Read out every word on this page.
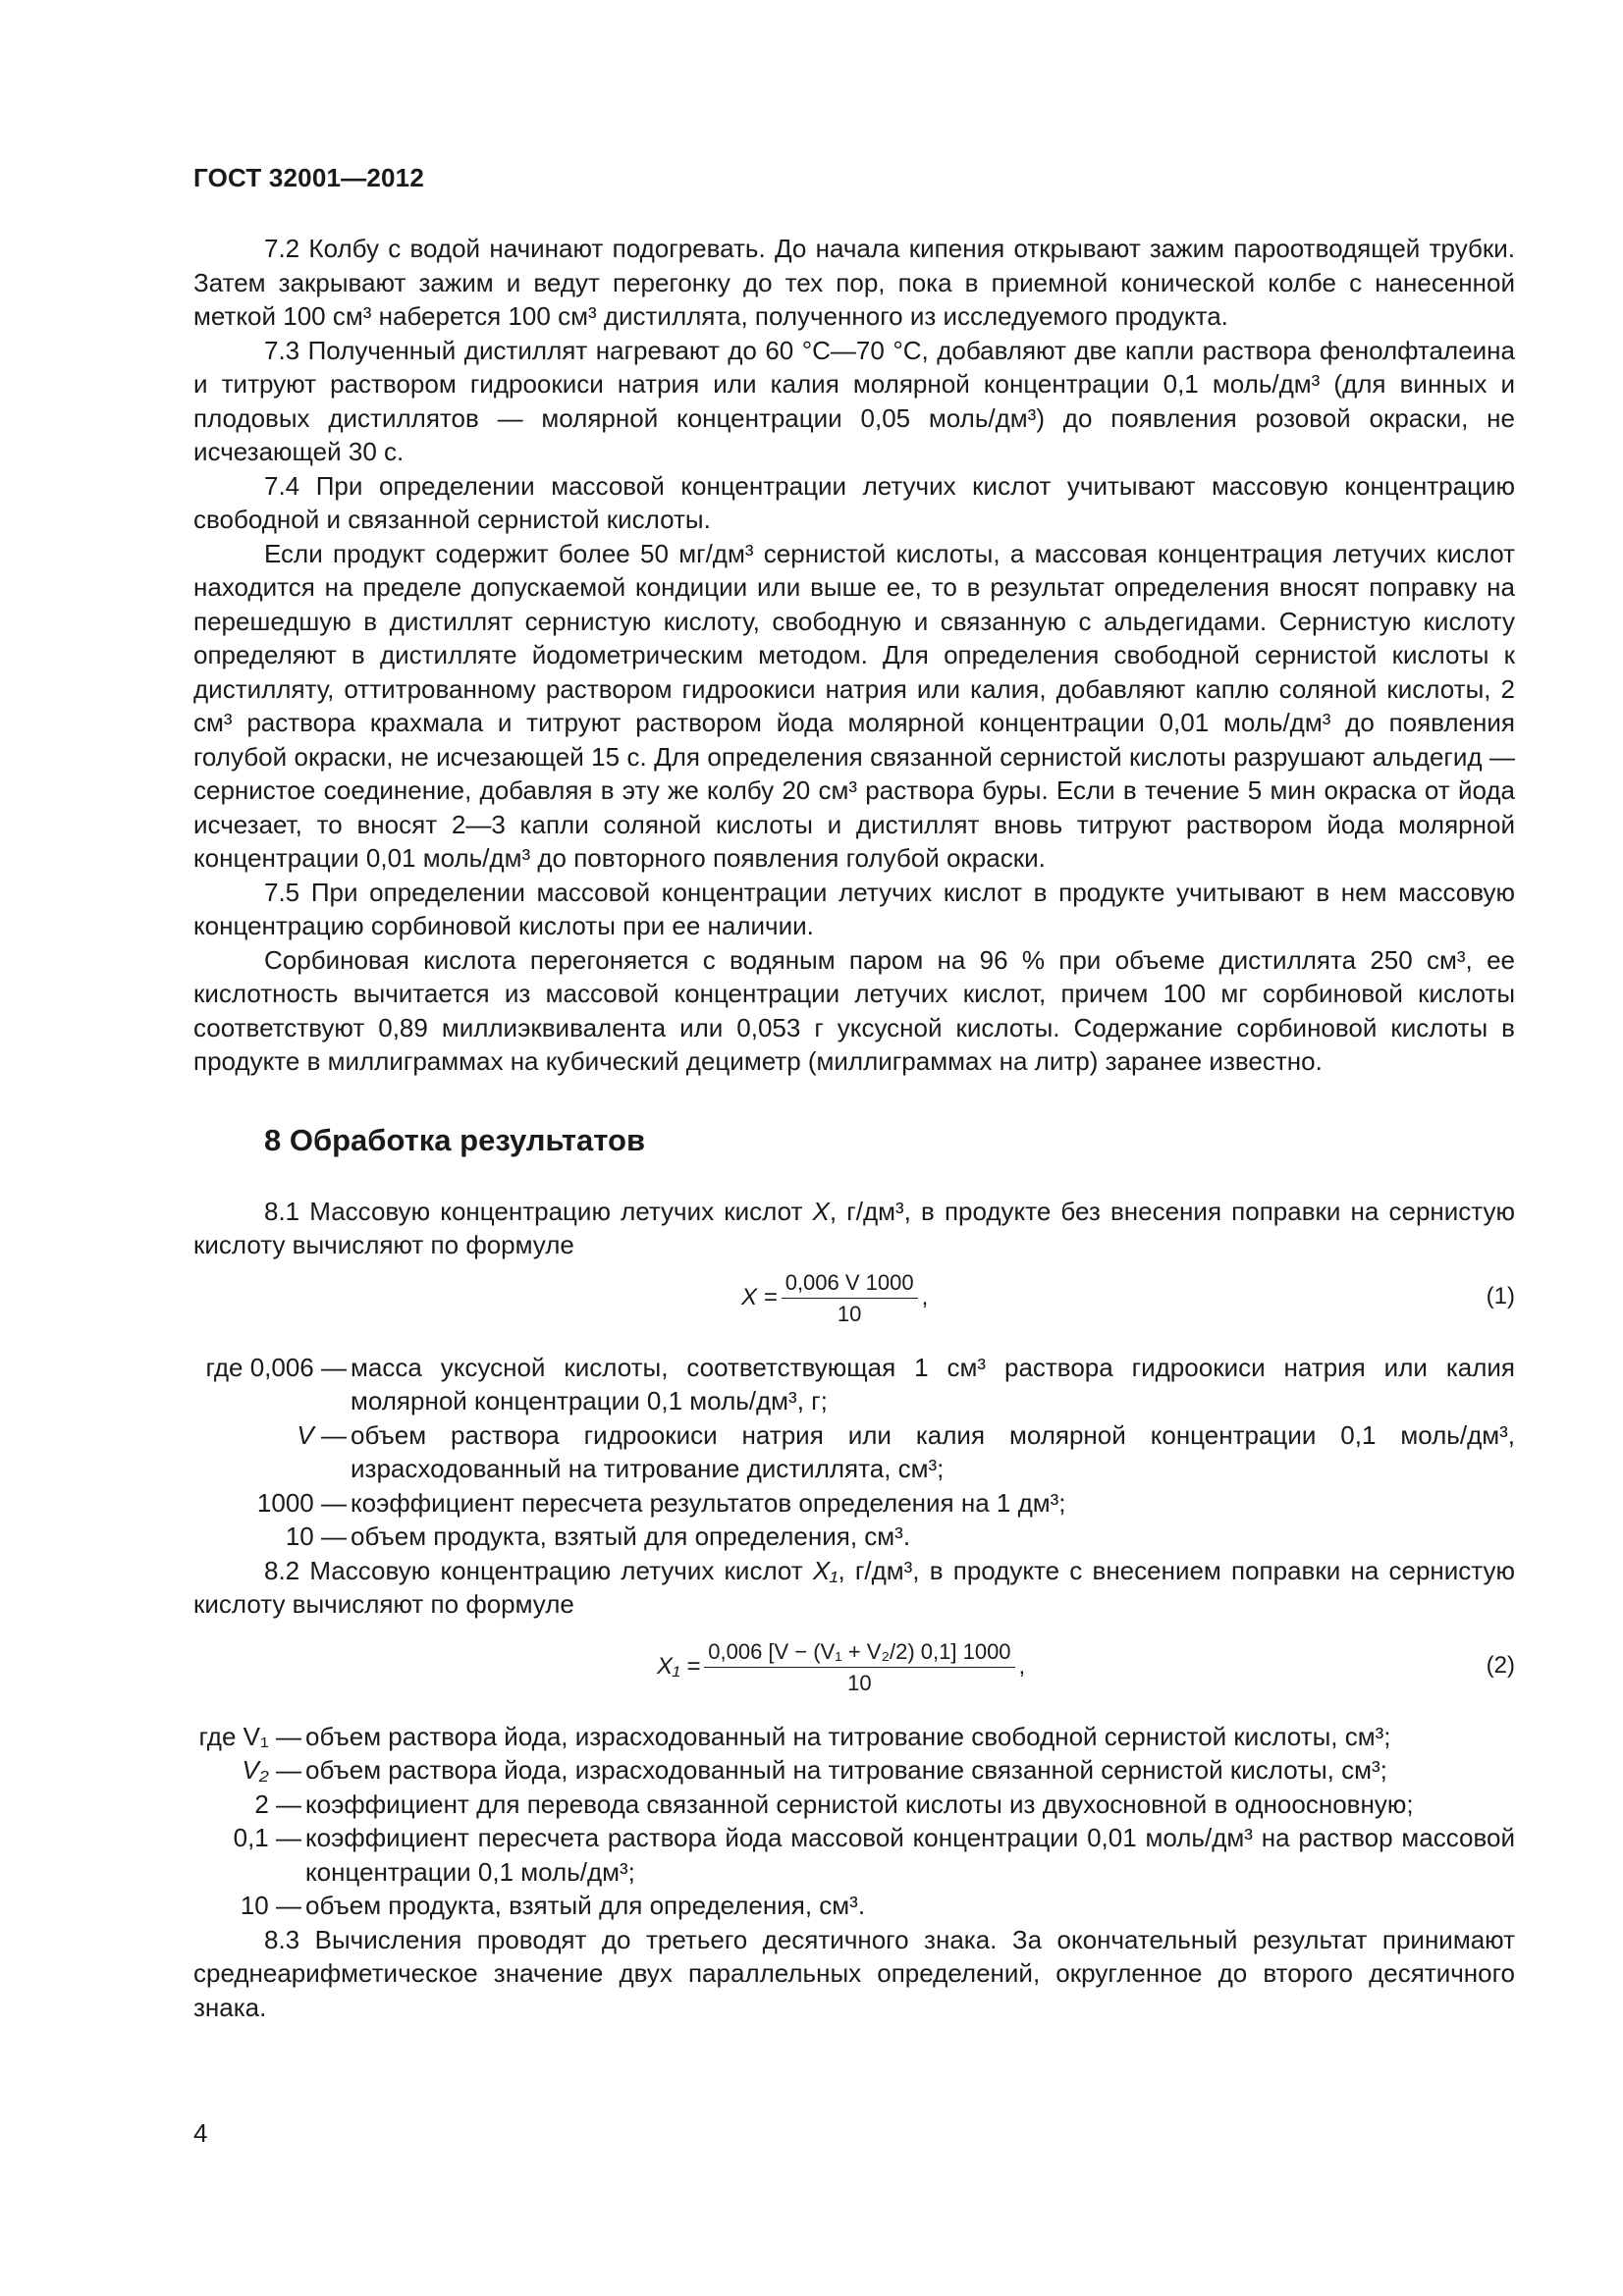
ГОСТ 32001—2012

7.2 Колбу с водой начинают подогревать. До начала кипения открывают зажим пароотводящей трубки. Затем закрывают зажим и ведут перегонку до тех пор, пока в приемной конической колбе с нанесенной меткой 100 см³ наберется 100 см³ дистиллята, полученного из исследуемого продукта.

7.3 Полученный дистиллят нагревают до 60 °С—70 °С, добавляют две капли раствора фенолфталеина и титруют раствором гидроокиси натрия или калия молярной концентрации 0,1 моль/дм³ (для винных и плодовых дистиллятов — молярной концентрации 0,05 моль/дм³) до появления розовой окраски, не исчезающей 30 с.

7.4 При определении массовой концентрации летучих кислот учитывают массовую концентрацию свободной и связанной сернистой кислоты.

Если продукт содержит более 50 мг/дм³ сернистой кислоты, а массовая концентрация летучих кислот находится на пределе допускаемой кондиции или выше ее, то в результат определения вносят поправку на перешедшую в дистиллят сернистую кислоту, свободную и связанную с альдегидами. Сернистую кислоту определяют в дистилляте йодометрическим методом. Для определения свободной сернистой кислоты к дистилляту, оттитрованному раствором гидроокиси натрия или калия, добавляют каплю соляной кислоты, 2 см³ раствора крахмала и титруют раствором йода молярной концентрации 0,01 моль/дм³ до появления голубой окраски, не исчезающей 15 с. Для определения связанной сернистой кислоты разрушают альдегид — сернистое соединение, добавляя в эту же колбу 20 см³ раствора буры. Если в течение 5 мин окраска от йода исчезает, то вносят 2—3 капли соляной кислоты и дистиллят вновь титруют раствором йода молярной концентрации 0,01 моль/дм³ до повторного появления голубой окраски.

7.5 При определении массовой концентрации летучих кислот в продукте учитывают в нем массовую концентрацию сорбиновой кислоты при ее наличии.

Сорбиновая кислота перегоняется с водяным паром на 96 % при объеме дистиллята 250 см³, ее кислотность вычитается из массовой концентрации летучих кислот, причем 100 мг сорбиновой кислоты соответствуют 0,89 миллиэквивалента или 0,053 г уксусной кислоты. Содержание сорбиновой кислоты в продукте в миллиграммах на кубический дециметр (миллиграммах на литр) заранее известно.

8 Обработка результатов

8.1 Массовую концентрацию летучих кислот X, г/дм³, в продукте без внесения поправки на сернистую кислоту вычисляют по формуле

$X = \frac{0,006 V 1000}{10}$ ,	(1)
где 0,006 — масса уксусной кислоты, соответствующая 1 см³ раствора гидроокиси натрия или калия молярной концентрации 0,1 моль/дм³, г;
V — объем раствора гидроокиси натрия или калия молярной концентрации 0,1 моль/дм³, израсходованный на титрование дистиллята, см³;
1000 — коэффициент пересчета результатов определения на 1 дм³;
10 — объем продукта, взятый для определения, см³.

8.2 Массовую концентрацию летучих кислот X₁, г/дм³, в продукте с внесением поправки на сернистую кислоту вычисляют по формуле

$X_1 = \frac{\text{0,006 [V − (V₁ + V₂/2) 0,1] 1000}}{10}$ ,	(2)
где V₁ — объем раствора йода, израсходованный на титрование свободной сернистой кислоты, см³;
V₂ — объем раствора йода, израсходованный на титрование связанной сернистой кислоты, см³;
2 — коэффициент для перевода связанной сернистой кислоты из двухосновной в одноосновную;
0,1 — коэффициент пересчета раствора йода массовой концентрации 0,01 моль/дм³ на раствор массовой концентрации 0,1 моль/дм³;
10 — объем продукта, взятый для определения, см³.

8.3 Вычисления проводят до третьего десятичного знака. За окончательный результат принимают среднеарифметическое значение двух параллельных определений, округленное до второго десятичного знака.

4
